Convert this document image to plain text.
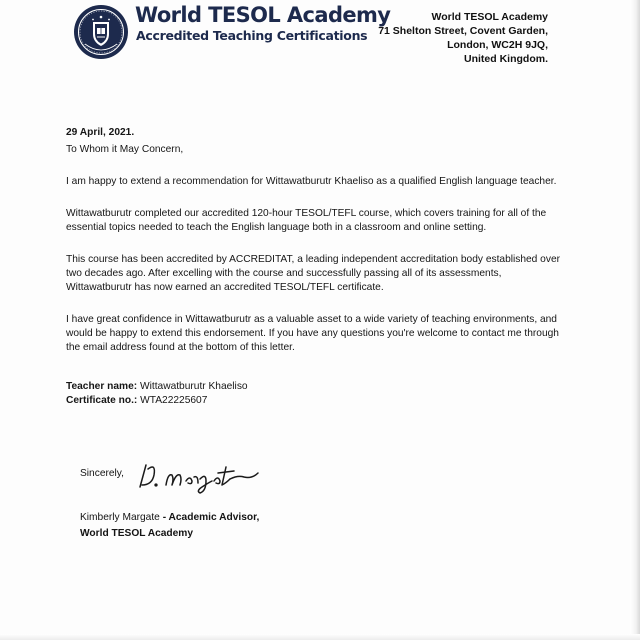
World TESOL Academy
Accredited Teaching Certifications
World TESOL Academy
71 Shelton Street, Covent Garden,
London, WC2H 9JQ,
United Kingdom.
29 April, 2021.
To Whom it May Concern,

I am happy to extend a recommendation for Wittawatburutr Khaeliso as a qualified English language teacher.

Wittawatburutr completed our accredited 120-hour TESOL/TEFL course, which covers training for all of the essential topics needed to teach the English language both in a classroom and online setting.

This course has been accredited by ACCREDITAT, a leading independent accreditation body established over two decades ago. After excelling with the course and successfully passing all of its assessments, Wittawatburutr has now earned an accredited TESOL/TEFL certificate.

I have great confidence in Wittawatburutr as a valuable asset to a wide variety of teaching environments, and would be happy to extend this endorsement. If you have any questions you're welcome to contact me through the email address found at the bottom of this letter.

Teacher name: Wittawatburutr Khaeliso
Certificate no.: WTA22225607
Sincerely,
Kimberly Margate - Academic Advisor,
World TESOL Academy
